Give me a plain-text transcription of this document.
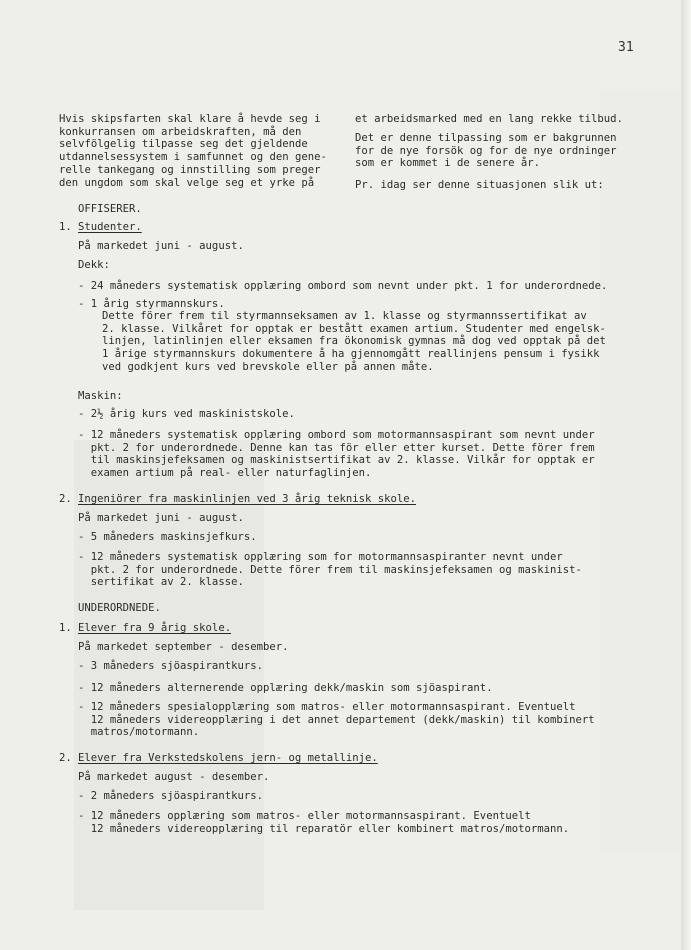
31
Hvis skipsfarten skal klare å hevde seg i
konkurransen om arbeidskraften, må den
selvfölgelig tilpasse seg det gjeldende
utdannelsessystem i samfunnet og den gene-
relle tankegang og innstilling som preger
den ungdom som skal velge seg et yrke på
et arbeidsmarked med en lang rekke tilbud.
Det er denne tilpassing som er bakgrunnen
for de nye forsök og for de nye ordninger
som er kommet i de senere år.
Pr. idag ser denne situasjonen slik ut:
OFFISERER.
1. Studenter.
På markedet juni - august.
Dekk:
- 24 måneders systematisk opplæring ombord som nevnt under pkt. 1 for underordnede.
- 1 årig styrmannskurs.
Dette förer frem til styrmannseksamen av 1. klasse og styrmannssertifikat av
2. klasse. Vilkåret for opptak er bestått examen artium. Studenter med engelsk-
linjen, latinlinjen eller eksamen fra ökonomisk gymnas må dog ved opptak på det
1 årige styrmannskurs dokumentere å ha gjennomgått reallinjens pensum i fysikk
ved godkjent kurs ved brevskole eller på annen måte.
Maskin:
- 2½ årig kurs ved maskinistskole.
- 12 måneders systematisk opplæring ombord som motormannsaspirant som nevnt under
pkt. 2 for underordnede. Denne kan tas för eller etter kurset. Dette förer frem
til maskinsjefeksamen og maskinistsertifikat av 2. klasse. Vilkår for opptak er
examen artium på real- eller naturfaglinjen.
2. Ingeniörer fra maskinlinjen ved 3 årig teknisk skole.
På markedet juni - august.
- 5 måneders maskinsjefkurs.
- 12 måneders systematisk opplæring som for motormannsaspiranter nevnt under
pkt. 2 for underordnede. Dette förer frem til maskinsjefeksamen og maskinist-
sertifikat av 2. klasse.
UNDERORDNEDE.
1. Elever fra 9 årig skole.
På markedet september - desember.
- 3 måneders sjöaspirantkurs.
- 12 måneders alternerende opplæring dekk/maskin som sjöaspirant.
- 12 måneders spesialopplæring som matros- eller motormannsaspirant. Eventuelt
12 måneders videreopplæring i det annet departement (dekk/maskin) til kombinert
matros/motormann.
2. Elever fra Verkstedskolens jern- og metallinje.
På markedet august - desember.
- 2 måneders sjöaspirantkurs.
- 12 måneders opplæring som matros- eller motormannsaspirant. Eventuelt
12 måneders videreopplæring til reparatör eller kombinert matros/motormann.
